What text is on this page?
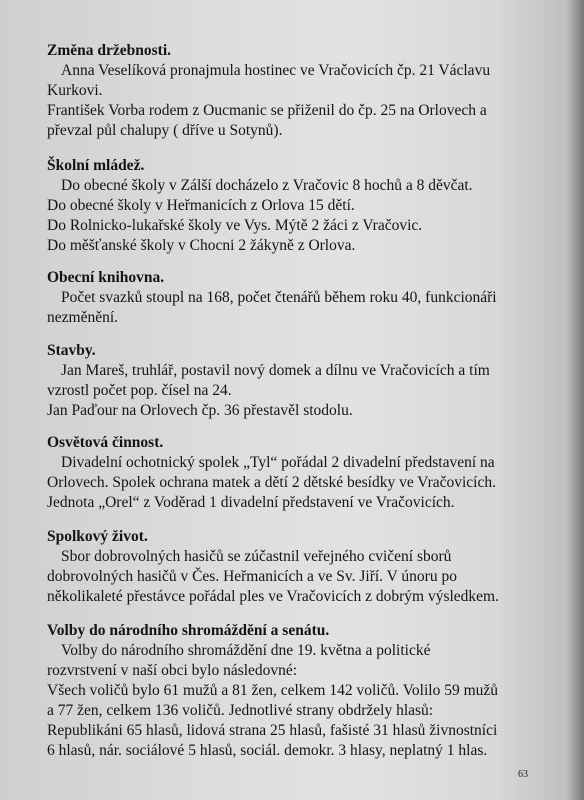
Změna držebnosti.
Anna Veselíková pronajmula hostinec ve Vračovicích čp. 21 Václavu
Kurkovi.
František Vorba rodem z Oucmanic se přiženil do čp. 25 na Orlovech a
převzal půl chalupy ( dříve u Sotynů).
Školní mládež.
Do obecné školy v Zálší docházelo z Vračovic 8 hochů a 8 děvčat.
Do obecné školy v Heřmanicích z Orlova 15 dětí.
Do Rolnicko-lukařské školy ve Vys. Mýtě 2 žáci z Vračovic.
Do měšťanské školy v Chocni 2 žákyně z Orlova.
Obecní knihovna.
Počet svazků stoupl na 168, počet čtenářů během roku 40, funkcionáři
nezměnění.
Stavby.
Jan Mareš, truhlář, postavil nový domek a dílnu ve Vračovicích a tím
vzrostl počet pop. čísel na 24.
Jan Paďour na Orlovech čp. 36 přestavěl stodolu.
Osvětová činnost.
Divadelní ochotnický spolek „Tyl“ pořádal 2 divadelní představení na
Orlovech. Spolek ochrana matek a dětí 2 dětské besídky ve Vračovicích.
Jednota „Orel“ z Voděrad 1 divadelní představení ve Vračovicích.
Spolkový život.
Sbor dobrovolných hasičů se zúčastnil veřejného cvičení sborů
dobrovolných hasičů v Čes. Heřmanicích a ve Sv. Jiří. V únoru po
několikaleté přestávce pořádal ples ve Vračovicích z dobrým výsledkem.
Volby do národního shromáždění a senátu.
Volby do národního shromáždění dne 19. května a politické
rozvrstvení v naší obci bylo následovné:
Všech voličů bylo 61 mužů a 81 žen, celkem 142 voličů. Volilo 59 mužů
a 77 žen, celkem 136 voličů. Jednotlivé strany obdržely hlasů:
Republikáni 65 hlasů, lidová strana 25 hlasů, fašisté 31 hlasů živnostníci
6 hlasů, nár. sociálové 5 hlasů, sociál. demokr. 3 hlasy, neplatný 1 hlas.
63
